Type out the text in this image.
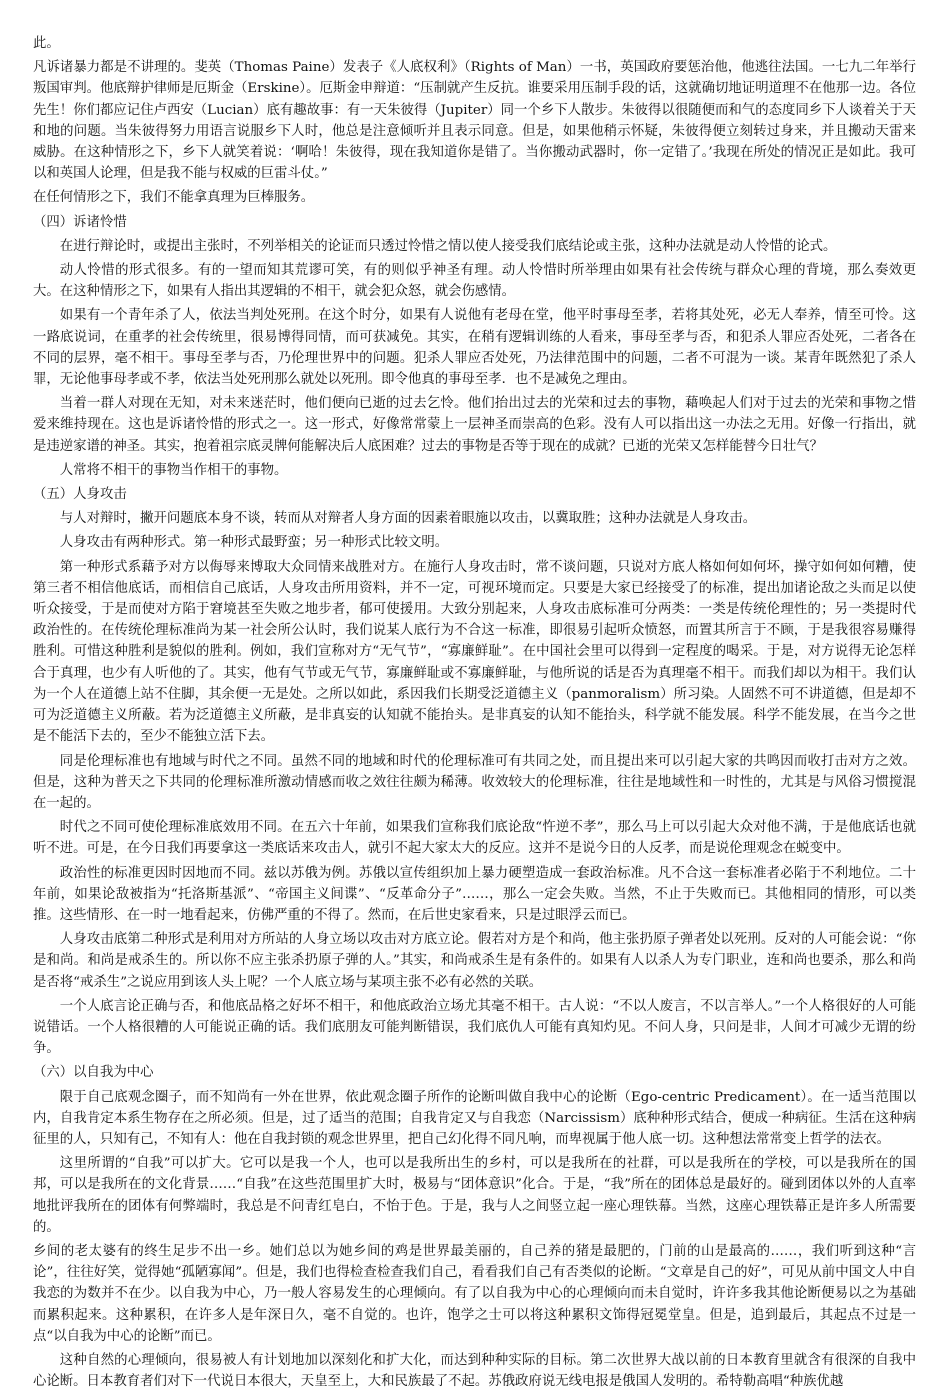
此。

凡诉诸暴力都是不讲理的。斐英（Thomas Paine）发表子《人底权利》（Rights of Man）一书，英国政府要惩治他，他逃往法国。一七九二年举行叛国审判。他底辩护律师是厄斯金（Erskine）。厄斯金申辩道：“压制就产生反抗。谁要采用压制手段的话，这就确切地证明道理不在他那一边。各位先生！你们都应记住卢西安（Lucian）底有趣故事：有一天朱彼得（Jupiter）同一个乡下人散步。朱彼得以很随便而和气的态度同乡下人谈着关于天和地的问题。当朱彼得努力用语言说服乡下人时，他总是注意倾听并且表示同意。但是，如果他稍示怀疑，朱彼得便立刻转过身来，并且搬动天雷来威胁。在这种情形之下，乡下人就笑着说：‘啊哈！朱彼得，现在我知道你是错了。当你搬动武器时，你一定错了。’我现在所处的情况正是如此。我可以和英国人论理，但是我不能与权威的巨雷斗仗。”

在任何情形之下，我们不能拿真理为巨棒服务。

（四）诉诸怜惜

在进行辩论时，或提出主张时，不列举相关的论证而只透过怜惜之情以使人接受我们底结论或主张，这种办法就是动人怜惜的论式。

动人怜惜的形式很多。有的一望而知其荒谬可笑，有的则似乎神圣有理。动人怜惜时所举理由如果有社会传统与群众心理的背境，那么奏效更大。在这种情形之下，如果有人指出其逻辑的不相干，就会犯众怒，就会伤感情。

如果有一个青年杀了人，依法当判处死刑。在这个时分，如果有人说他有老母在堂，他平时事母至孝，若将其处死，必无人奉养，情至可怜。这一路底说词，在重孝的社会传统里，很易博得同情，而可获减免。其实，在稍有逻辑训练的人看来，事母至孝与否，和犯杀人罪应否处死，二者各在不同的层界，毫不相干。事母至孝与否，乃伦理世界中的问题。犯杀人罪应否处死，乃法律范围中的问题，二者不可混为一谈。某青年既然犯了杀人罪，无论他事母孝或不孝，依法当处死刑那么就处以死刑。即令他真的事母至孝．也不是减免之理由。

当着一群人对现在无知，对未来迷茫时，他们便向已逝的过去乞怜。他们抬出过去的光荣和过去的事物，藉唤起人们对于过去的光荣和事物之惜爱来维持现在。这也是诉诸怜惜的形式之一。这一形式，好像常常蒙上一层神圣而崇高的色彩。没有人可以指出这一办法之无用。好像一行指出，就是违逆家谱的神圣。其实，抱着祖宗底灵牌何能解决后人底困难？过去的事物是否等于现在的成就？已逝的光荣又怎样能替今日壮气？

人常将不相干的事物当作相干的事物。

（五）人身攻击

与人对辩时，撇开问题底本身不谈，转而从对辩者人身方面的因素着眼施以攻击，以冀取胜；这种办法就是人身攻击。

人身攻击有两种形式。第一种形式最野蛮；另一种形式比较文明。

第一种形式系藉予对方以侮辱来博取大众同情来战胜对方。在施行人身攻击时，常不谈问题，只说对方底人格如何如何坏，操守如何如何糟，使第三者不相信他底话，而相信自己底话，人身攻击所用资料，并不一定，可视环境而定。只要是大家已经接受了的标准，提出加诸论敌之头而足以使听众接受，于是而使对方陷于窘境甚至失败之地步者，郁可使援用。大致分别起来，人身攻击底标准可分两类：一类是传统伦理性的；另一类提时代政治性的。在传统伦理标准尚为某一社会所公认时，我们说某人底行为不合这一标准，即很易引起听众愤怒，而置其所言于不顾，于是我很容易赚得胜利。可惜这种胜利是貌似的胜利。例如，我们宣称对方“无气节”，“寡廉鲜耻”。在中国社会里可以得到一定程度的喝采。于是，对方说得无论怎样合于真理，也少有人听他的了。其实，他有气节或无气节，寡廉鲜耻或不寡廉鲜耻，与他所说的话是否为真理毫不相干。而我们却以为相干。我们认为一个人在道德上站不住脚，其余便一无是处。之所以如此，系因我们长期受泛道德主义（panmoralism）所习染。人固然不可不讲道德，但是却不可为泛道德主义所蔽。若为泛道德主义所蔽，是非真妄的认知就不能抬头。是非真妄的认知不能抬头，科学就不能发展。科学不能发展，在当今之世是不能活下去的，至少不能独立活下去。

同是伦理标准也有地域与时代之不同。虽然不同的地域和时代的伦理标准可有共同之处，而且提出来可以引起大家的共鸣因而收打击对方之效。但是，这种为普天之下共同的伦理标准所激动情感而收之效往往颇为稀薄。收效较大的伦理标准，往往是地域性和一时性的，尤其是与风俗习惯搅混在一起的。

时代之不同可使伦理标准底效用不同。在五六十年前，如果我们宣称我们底论敌“忤逆不孝”，那么马上可以引起大众对他不满，于是他底话也就听不进。可是，在今日我们再要拿这一类底话来攻击人，就引不起大家太大的反应。这并不是说今日的人反孝，而是说伦理观念在蜕变中。

政治性的标准更因时因地而不同。兹以苏俄为例。苏俄以宣传组织加上暴力硬塑造成一套政治标准。凡不合这一套标准者必陷于不利地位。二十年前，如果论敌被指为“托洛斯基派”、“帝国主义间谍”、“反革命分子”……，那么一定会失败。当然，不止于失败而已。其他相同的情形，可以类推。这些情形、在一时一地看起来，仿佛严重的不得了。然而，在后世史家看来，只是过眼浮云而已。

人身攻击底第二种形式是利用对方所站的人身立场以攻击对方底立论。假若对方是个和尚，他主张扔原子弹者处以死刑。反对的人可能会说：“你是和尚。和尚是戒杀生的。所以你不应主张杀扔原子弹的人。”其实，和尚戒杀生是有条件的。如果有人以杀人为专门职业，连和尚也要杀，那么和尚是否将“戒杀生”之说应用到该人头上呢？一个人底立场与某项主张不必有必然的关联。

一个人底言论正确与否，和他底品格之好坏不相干，和他底政治立场尤其毫不相干。古人说：“不以人废言，不以言举人。”一个人格很好的人可能说错话。一个人格很糟的人可能说正确的话。我们底朋友可能判断错误，我们底仇人可能有真知灼见。不问人身，只问是非，人间才可减少无谓的纷争。

（六）以自我为中心

限于自己底观念圈子，而不知尚有一外在世界，依此观念圈子所作的论断叫做自我中心的论断（Ego-centric Predicament）。在一适当范围以内，自我肯定本系生物存在之所必须。但是，过了适当的范围；自我肯定又与自我恋（Narcissism）底种种形式结合，便成一种病征。生活在这种病征里的人，只知有己，不知有人：他在自我封锁的观念世界里，把自己幻化得不同凡响，而卑视属于他人底一切。这种想法常常变上哲学的法衣。

这里所谓的“自我”可以扩大。它可以是我一个人，也可以是我所出生的乡村，可以是我所在的社群，可以是我所在的学校，可以是我所在的国邦，可以是我所在的文化背景……“自我”在这些范围里扩大时，极易与“团体意识”化合。于是，“我”所在的团体总是最好的。碰到团体以外的人直率地批评我所在的团体有何弊端时，我总是不问青红皂白，不怡于色。于是，我与人之间竖立起一座心理铁幕。当然，这座心理铁幕正是许多人所需要的。

乡间的老太婆有的终生足步不出一乡。她们总以为她乡间的鸡是世界最美丽的，自己养的猪是最肥的，门前的山是最高的……，我们听到这种“言论”，往往好笑，觉得她“孤陋寡闻”。但是，我们也得检查检查我们自己，看看我们自己有否类似的论断。“文章是自己的好”，可见从前中国文人中自我恋的为数并不在少。以自我为中心，乃一般人容易发生的心理倾向。有了以自我为中心的心理倾向而未自觉时，许许多我其他论断便易以之为基础而累积起来。这种累积，在许多人是年深日久，毫不自觉的。也许，饱学之士可以将这种累积文饰得冠冕堂皇。但是，追到最后，其起点不过是一点“以自我为中心的论断”而已。

这种自然的心理倾向，很易被人有计划地加以深刻化和扩大化，而达到种种实际的目标。第二次世界大战以前的日本教育里就含有很深的自我中心论断。日本教育者们对下一代说日本很大，天皇至上，大和民族最了不起。苏俄政府说无线电报是俄国人发明的。希特勒高唱“种族优越
